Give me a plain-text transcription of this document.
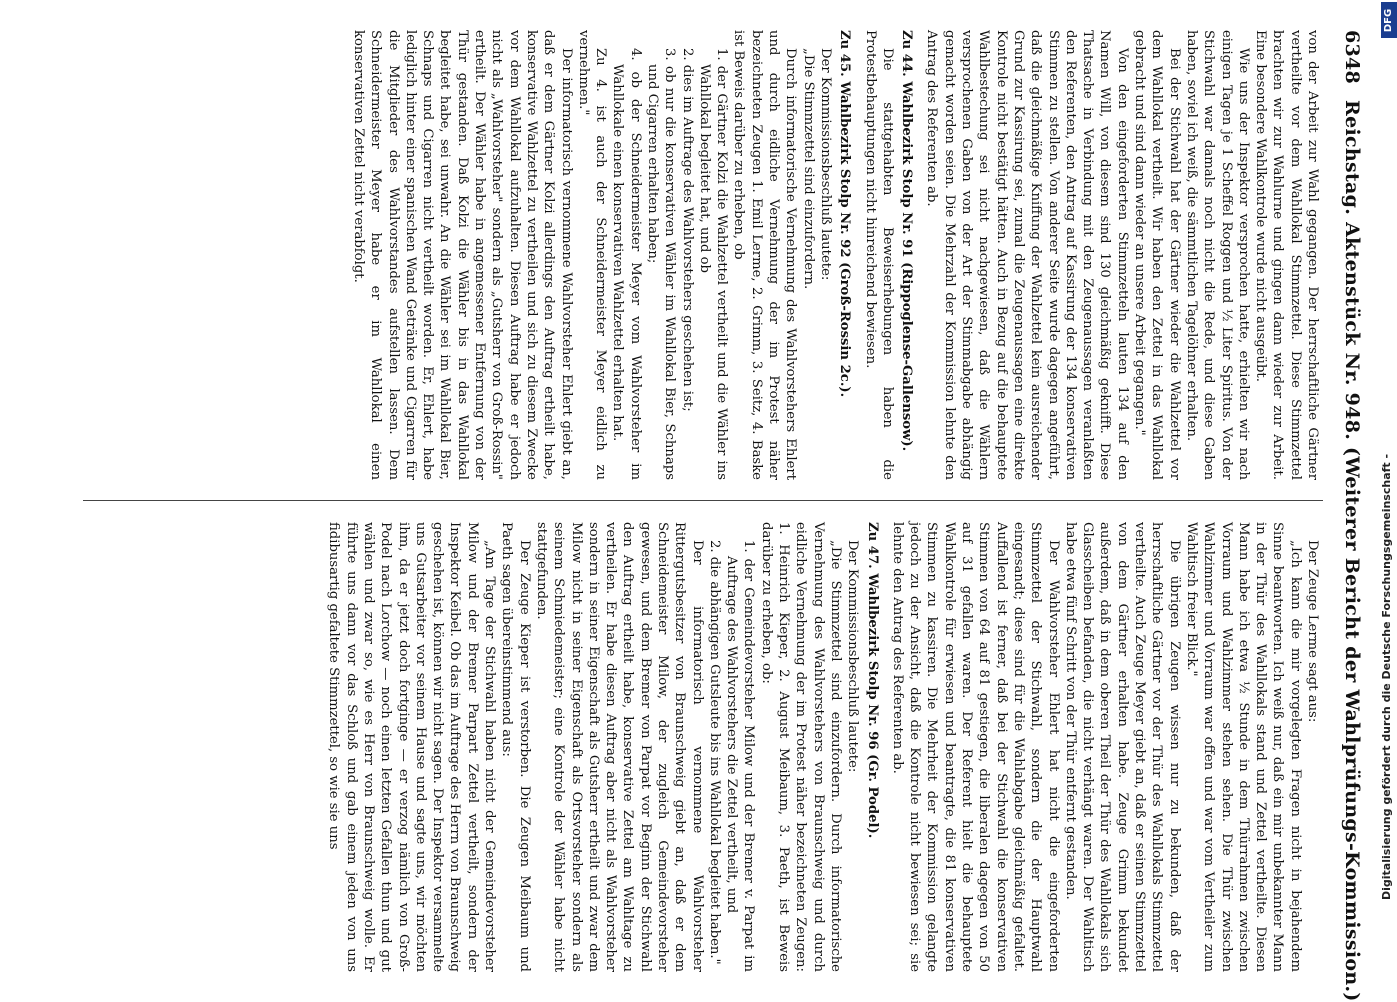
6348
Reichstag. Aktenstück Nr. 948. (Weiterer Bericht der Wahlprüfungs-Kommission.)

von der Arbeit zur Wahl gegangen. Der herrschaftliche Gärtner vertheilte vor dem Wahllokal Stimmzettel. Diese Stimmzettel brachten wir zur Wahlurne und gingen dann wieder zur Arbeit. Eine besondere Wahlkontrole wurde nicht ausgeübt.

Wie uns der Inspektor versprochen hatte, erhielten wir nach einigen Tagen je 1 Scheffel Roggen und ½ Liter Spiritus. Von der Stichwahl war damals noch nicht die Rede, und diese Gaben haben, soviel ich weiß, die sämmtlichen Tagelöhner erhalten.

Bei der Stichwahl hat der Gärtner wieder die Wahlzettel vor dem Wahllokal vertheilt. Wir haben den Zettel in das Wahllokal gebracht und sind dann wieder an unsere Arbeit gegangen."

Von den eingeforderten Stimmzetteln lauten 134 auf den Namen Will, von diesem sind 130 gleichmäßig geknifft. Diese Thatsache in Verbindung mit den Zeugenaussagen veranlaßten den Referenten, den Antrag auf Kassirung der 134 konservativen Stimmen zu stellen. Von anderer Seite wurde dagegen angeführt, daß die gleichmäßige Kniffung der Wahlzettel kein ausreichender Grund zur Kassirung sei, zumal die Zeugenaussagen eine direkte Kontrole nicht bestätigt hätten. Auch in Bezug auf die behauptete Wahlbestechung sei nicht nachgewiesen, daß die Wählern versprochenen Gaben von der Art der Stimmabgabe abhängig gemacht worden seien. Die Mehrzahl der Kommission lehnte den Antrag des Referenten ab.

Zu 44. Wahlbezirk Stolp Nr. 91 (Rippoglense-Gallensow).

Die stattgehabten Beweiserhebungen haben die Protestbehauptungen nicht hinreichend bewiesen.

Zu 45. Wahlbezirk Stolp Nr. 92 (Groß-Rossin 2c.).

Der Kommissionsbeschluß lautete:

„Die Stimmzettel sind einzufordern.

Durch informatorische Vernehmung des Wahlvorstehers Ehlert und durch eidliche Vernehmung der im Protest näher bezeichneten Zeugen 1. Emil Lerme, 2. Grimm, 3. Seitz, 4. Baske ist Beweis darüber zu erheben, ob

1. der Gärtner Kolzi die Wahlzettel vertheilt und die Wähler ins Wahllokal begleitet hat, und ob

2. dies im Auftrage des Wahlvorstehers geschehen ist;

3. ob nur die konservativen Wähler im Wahllokal Bier, Schnaps und Cigarren erhalten haben;

4. ob der Schneidermeister Meyer vom Wahlvorsteher im Wahllokale einen konservativen Wahlzettel erhalten hat.

Zu 4. ist auch der Schneidermeister Meyer eidlich zu vernehmen."

Der informatorisch vernommene Wahlvorsteher Ehlert giebt an, daß er dem Gärtner Kolzi allerdings den Auftrag ertheilt habe, konservative Wahlzettel zu vertheilen und sich zu diesem Zwecke vor dem Wahllokal aufzuhalten. Diesen Auftrag habe er jedoch nicht als „Wahlvorsteher" sondern als „Gutsherr von Groß-Rossin" ertheilt. Der Wähler habe in angemessener Entfernung von der Thür gestanden. Daß Kolzi die Wähler bis in das Wahllokal begleitet habe, sei unwahr. An die Wähler sei im Wahllokal Bier, Schnaps und Cigarren nicht vertheilt worden. Er, Ehlert, habe lediglich hinter einer spanischen Wand Getränke und Cigarren für die Mitglieder des Wahlvorstandes aufstellen lassen. Dem Schneidermeister Meyer habe er im Wahllokal einen konservativen Zettel nicht verabfolgt.

Der Zeuge Lerme sagt aus:

„Ich kann die mir vorgelegten Fragen nicht in bejahendem Sinne beantworten. Ich weiß nur, daß ein mir unbekannter Mann in der Thür des Wahllokals stand und Zettel vertheilte. Diesen Mann habe ich etwa ½ Stunde in dem Thürrahmen zwischen Vorraum und Wahlzimmer stehen sehen. Die Thür zwischen Wahlzimmer und Vorraum war offen und war vom Vertheiler zum Wahltisch freier Blick."

Die übrigen Zeugen wissen nur zu bekunden, daß der herrschaftliche Gärtner vor der Thür des Wahllokals Stimmzettel vertheilte. Auch Zeuge Meyer giebt an, daß er seinen Stimmzettel von dem Gärtner erhalten habe. Zeuge Grimm bekundet außerdem, daß in dem oberen Theil der Thür des Wahllokals sich Glasscheiben befanden, die nicht verhängt waren. Der Wahltisch habe etwa fünf Schritt von der Thür entfernt gestanden.

Der Wahlvorsteher Ehlert hat nicht die eingeforderten Stimmzettel der Stichwahl, sondern die der Hauptwahl eingesandt; diese sind für die Wahlabgabe gleichmäßig gefaltet. Auffallend ist ferner, daß bei der Stichwahl die konservativen Stimmen von 64 auf 81 gestiegen, die liberalen dagegen von 50 auf 31 gefallen waren. Der Referent hielt die behauptete Wahlkontrole für erwiesen und beantragte, die 81 konservativen Stimmen zu kassiren. Die Mehrheit der Kommission gelangte jedoch zu der Ansicht, daß die Kontrole nicht bewiesen sei; sie lehnte den Antrag des Referenten ab.

Zu 47. Wahlbezirk Stolp Nr. 96 (Gr. Podel).

Der Kommissionsbeschluß lautete:

„Die Stimmzettel sind einzufordern. Durch informatorische Vernehmung des Wahlvorstehers von Braunschweig und durch eidliche Vernehmung der im Protest näher bezeichneten Zeugen: 1. Heinrich Kieper, 2. August Meibaum, 3. Paeth, ist Beweis darüber zu erheben, ob:

1. der Gemeindevorsteher Milow und der Bremer v. Parpat im Auftrage des Wahlvorstehers die Zettel vertheilt, und

2. die abhängigen Gutsleute bis ins Wahllokal begleitet haben."

Der informatorisch vernommene Wahlvorsteher Rittergutsbesitzer von Braunschweig giebt an, daß er dem Schneidemeister Milow, der zugleich Gemeindevorsteher gewesen, und dem Bremer von Parpat vor Beginn der Stichwahl den Auftrag ertheilt habe, konservative Zettel am Wahltage zu vertheilen. Er habe diesen Auftrag aber nicht als Wahlvorsteher sondern in seiner Eigenschaft als Gutsherr ertheilt und zwar dem Milow nicht in seiner Eigenschaft als Ortsvorsteher sondern als seinem Schmiedemeister; eine Kontrole der Wähler habe nicht stattgefunden.

Der Zeuge Kieper ist verstorben. Die Zeugen Meibaum und Paeth sagen übereinstimmend aus:

„Am Tage der Stichwahl haben nicht der Gemeindevorsteher Milow und der Bremer Parpart Zettel vertheilt, sondern der Inspektor Keibel. Ob das im Auftrage des Herrn von Braunschweig geschehen ist, können wir nicht sagen. Der Inspektor versammelte uns Gutsarbeiter vor seinem Hause und sagte uns, wir möchten ihm, da er jetzt doch fortginge — er verzog nämlich von Groß-Podel nach Lorchow — noch einen letzten Gefallen thun und gut wählen und zwar so, wie es Herr von Braunschweig wolle. Er führte uns dann vor das Schloß und gab einem jeden von uns fidibusartig gefaltete Stimmzettel, so wie sie uns

DFG
Digitalisierung gefördert durch die Deutsche Forschungsgemeinschaft -
